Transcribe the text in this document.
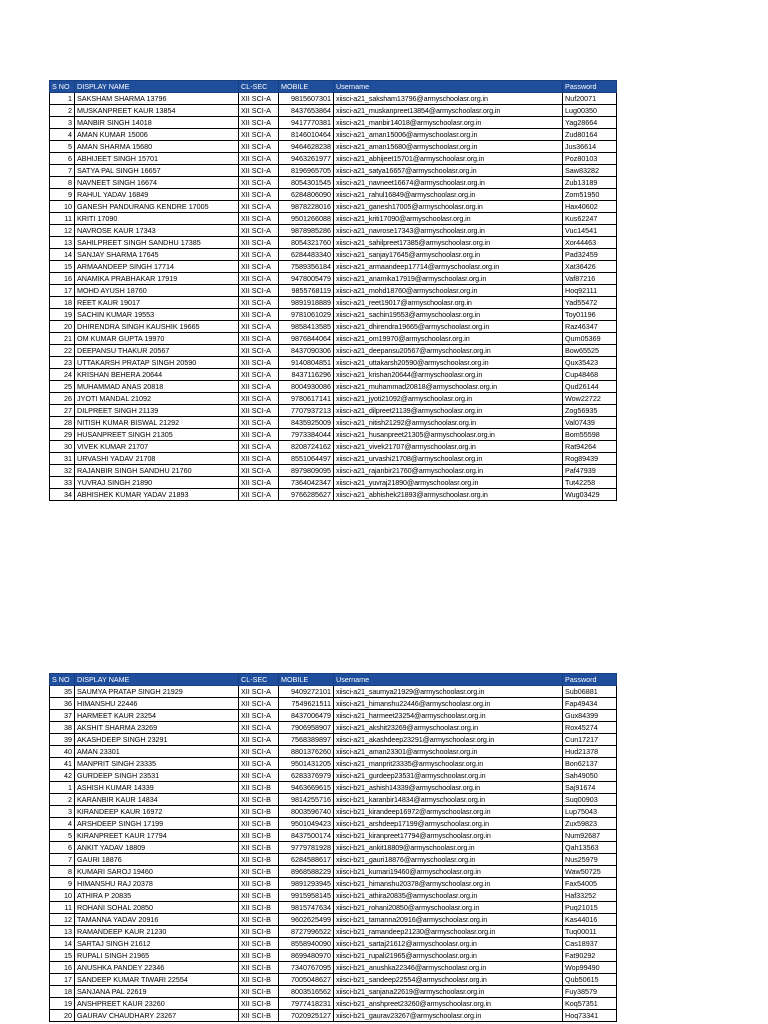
S NO	DISPLAY NAME	CL-SEC	MOBILE	Username	Password
1	SAKSHAM SHARMA 13796	XII SCI-A	9815607301	xiisci-a21_saksham13796@armyschoolasr.org.in	Nuf20071
2	MUSKANPREET KAUR 13854	XII SCI-A	8437653864	xiisci-a21_muskanpreet13854@armyschoolasr.org.in	Lug00350
3	MANBIR SINGH 14018	XII SCI-A	9417770381	xiisci-a21_manbir14018@armyschoolasr.org.in	Yag28664
4	AMAN KUMAR 15006	XII SCI-A	8146010464	xiisci-a21_aman15006@armyschoolasr.org.in	Zud80164
5	AMAN SHARMA 15680	XII SCI-A	9464628238	xiisci-a21_aman15680@armyschoolasr.org.in	Jus36614
6	ABHIJEET SINGH 15701	XII SCI-A	9463261977	xiisci-a21_abhijeet15701@armyschoolasr.org.in	Poz80103
7	SATYA PAL SINGH 16657	XII SCI-A	8196965705	xiisci-a21_satya16657@armyschoolasr.org.in	Saw83282
8	NAVNEET SINGH 16674	XII SCI-A	8054301545	xiisci-a21_navneet16674@armyschoolasr.org.in	Zub13189
9	RAHUL YADAV 16849	XII SCI-A	6284806090	xiisci-a21_rahul16849@armyschoolasr.org.in	Zom51950
10	GANESH PANDURANG KENDRE 17005	XII SCI-A	9878228016	xiisci-a21_ganesh17005@armyschoolasr.org.in	Hax40602
11	KRITI 17090	XII SCI-A	9501266088	xiisci-a21_kriti17090@armyschoolasr.org.in	Kus62247
12	NAVROSE KAUR 17343	XII SCI-A	9878985286	xiisci-a21_navrose17343@armyschoolasr.org.in	Vuc14541
13	SAHILPREET SINGH SANDHU 17385	XII SCI-A	8054321760	xiisci-a21_sahilpreet17385@armyschoolasr.org.in	Xor44463
14	SANJAY SHARMA 17645	XII SCI-A	6284483340	xiisci-a21_sanjay17645@armyschoolasr.org.in	Pad32459
15	ARMAANDEEP SINGH 17714	XII SCI-A	7589356184	xiisci-a21_armaandeep17714@armyschoolasr.org.in	Xat36426
16	ANAMIKA PRABHAKAR 17919	XII SCI-A	9478005479	xiisci-a21_anamika17919@armyschoolasr.org.in	Vaf87216
17	MOHD AYUSH 18760	XII SCI-A	9855768119	xiisci-a21_mohd18760@armyschoolasr.org.in	Hoq92111
18	REET KAUR 19017	XII SCI-A	9891918889	xiisci-a21_reet19017@armyschoolasr.org.in	Yad55472
19	SACHIN KUMAR 19553	XII SCI-A	9781061029	xiisci-a21_sachin19553@armyschoolasr.org.in	Toy01196
20	DHIRENDRA SINGH KAUSHIK 19665	XII SCI-A	9858413585	xiisci-a21_dhirendra19665@armyschoolasr.org.in	Raz46347
21	OM KUMAR GUPTA 19970	XII SCI-A	9876844064	xiisci-a21_om19970@armyschoolasr.org.in	Qum05369
22	DEEPANSU THAKUR 20567	XII SCI-A	8437090306	xiisci-a21_deepansu20567@armyschoolasr.org.in	Bow65525
23	UTTAKARSH PRATAP SINGH 20590	XII SCI-A	9140804851	xiisci-a21_uttakarsh20590@armyschoolasr.org.in	Qux35423
24	KRISHAN BEHERA 20644	XII SCI-A	8437116296	xiisci-a21_krishan20644@armyschoolasr.org.in	Cup48468
25	MUHAMMAD ANAS 20818	XII SCI-A	8004930086	xiisci-a21_muhammad20818@armyschoolasr.org.in	Qud26144
26	JYOTI MANDAL 21092	XII SCI-A	9780617141	xiisci-a21_jyoti21092@armyschoolasr.org.in	Wow22722
27	DILPREET SINGH 21139	XII SCI-A	7707937213	xiisci-a21_dilpreet21139@armyschoolasr.org.in	Zog56935
28	NITISH KUMAR BISWAL 21292	XII SCI-A	8435925009	xiisci-a21_nitish21292@armyschoolasr.org.in	Val07439
29	HUSANPREET SINGH 21305	XII SCI-A	7973384044	xiisci-a21_husanpreet21305@armyschoolasr.org.in	Bom55598
30	VIVEK KUMAR 21707	XII SCI-A	8208724162	xiisci-a21_vivek21707@armyschoolasr.org.in	Rat94264
31	URVASHI YADAV 21708	XII SCI-A	8551064497	xiisci-a21_urvashi21708@armyschoolasr.org.in	Rog89439
32	RAJANBIR SINGH SANDHU 21760	XII SCI-A	8979809095	xiisci-a21_rajanbir21760@armyschoolasr.org.in	Paf47939
33	YUVRAJ SINGH 21890	XII SCI-A	7364042347	xiisci-a21_yuvraj21890@armyschoolasr.org.in	Tut42258
34	ABHISHEK KUMAR YADAV 21893	XII SCI-A	9766285627	xiisci-a21_abhishek21893@armyschoolasr.org.in	Wug03429
S NO	DISPLAY NAME	CL-SEC	MOBILE	Username	Password
35	SAUMYA PRATAP SINGH 21929	XII SCI-A	9409272101	xiisci-a21_saumya21929@armyschoolasr.org.in	Sub06881
36	HIMANSHU 22446	XII SCI-A	7549621511	xiisci-a21_himanshu22446@armyschoolasr.org.in	Fap49434
37	HARMEET KAUR 23254	XII SCI-A	8437006479	xiisci-a21_harmeet23254@armyschoolasr.org.in	Gux84399
38	AKSHIT SHARMA 23269	XII SCI-A	7906958907	xiisci-a21_akshit23269@armyschoolasr.org.in	Rox45274
39	AKASHDEEP SINGH 23291	XII SCI-A	7568389897	xiisci-a21_akashdeep23291@armyschoolasr.org.in	Cun17217
40	AMAN 23301	XII SCI-A	8801376260	xiisci-a21_aman23301@armyschoolasr.org.in	Hud21378
41	MANPRIT SINGH 23335	XII SCI-A	9501431205	xiisci-a21_manprit23335@armyschoolasr.org.in	Bon62137
42	GURDEEP SINGH 23531	XII SCI-A	6283376979	xiisci-a21_gurdeep23531@armyschoolasr.org.in	Sah49050
1	ASHISH KUMAR 14339	XII SCI-B	9463669615	xiisci-b21_ashish14339@armyschoolasr.org.in	Saj91674
2	KARANBIR KAUR 14834	XII SCI-B	9814255716	xiisci-b21_karanbir14834@armyschoolasr.org.in	Suq00903
3	KIRANDEEP KAUR 16972	XII SCI-B	8003596740	xiisci-b21_kirandeep16972@armyschoolasr.org.in	Lup75043
4	ARSHDEEP SINGH 17199	XII SCI-B	9501049423	xiisci-b21_arshdeep17199@armyschoolasr.org.in	Zux59823
5	KIRANPREET KAUR 17794	XII SCI-B	8437500174	xiisci-b21_kiranpreet17794@armyschoolasr.org.in	Num92687
6	ANKIT YADAV 18809	XII SCI-B	9779781928	xiisci-b21_ankit18809@armyschoolasr.org.in	Qah13563
7	GAURI 18876	XII SCI-B	6284588617	xiisci-b21_gauri18876@armyschoolasr.org.in	Nus25979
8	KUMARI SAROJ 19460	XII SCI-B	8968588229	xiisci-b21_kumari19460@armyschoolasr.org.in	Waw50725
9	HIMANSHU RAJ 20378	XII SCI-B	9891293945	xiisci-b21_himanshu20378@armyschoolasr.org.in	Fax54005
10	ATHIRA P 20835	XII SCI-B	9915958145	xiisci-b21_athira20835@armyschoolasr.org.in	Haf33252
11	ROHANI SOHAL 20850	XII SCI-B	9815747634	xiisci-b21_rohani20850@armyschoolasr.org.in	Puq21015
12	TAMANNA YADAV 20916	XII SCI-B	9602625499	xiisci-b21_tamanna20916@armyschoolasr.org.in	Kas44016
13	RAMANDEEP KAUR 21230	XII SCI-B	8727996522	xiisci-b21_ramandeep21230@armyschoolasr.org.in	Tuq00011
14	SARTAJ SINGH 21612	XII SCI-B	8558940090	xiisci-b21_sartaj21612@armyschoolasr.org.in	Cas18937
15	RUPALI SINGH 21965	XII SCI-B	8699480970	xiisci-b21_rupali21965@armyschoolasr.org.in	Fat90292
16	ANUSHKA PANDEY 22346	XII SCI-B	7340767095	xiisci-b21_anushka22346@armyschoolasr.org.in	Wop99490
17	SANDEEP KUMAR TIWARI 22554	XII SCI-B	7005048627	xiisci-b21_sandeep22554@armyschoolasr.org.in	Qub50615
18	SANJANA PAL 22619	XII SCI-B	8003516562	xiisci-b21_sanjana22619@armyschoolasr.org.in	Fuy38579
19	ANSHPREET KAUR 23260	XII SCI-B	7977418231	xiisci-b21_anshpreet23260@armyschoolasr.org.in	Koq57351
20	GAURAV CHAUDHARY 23267	XII SCI-B	7020925127	xiisci-b21_gaurav23267@armyschoolasr.org.in	Hoq73341
